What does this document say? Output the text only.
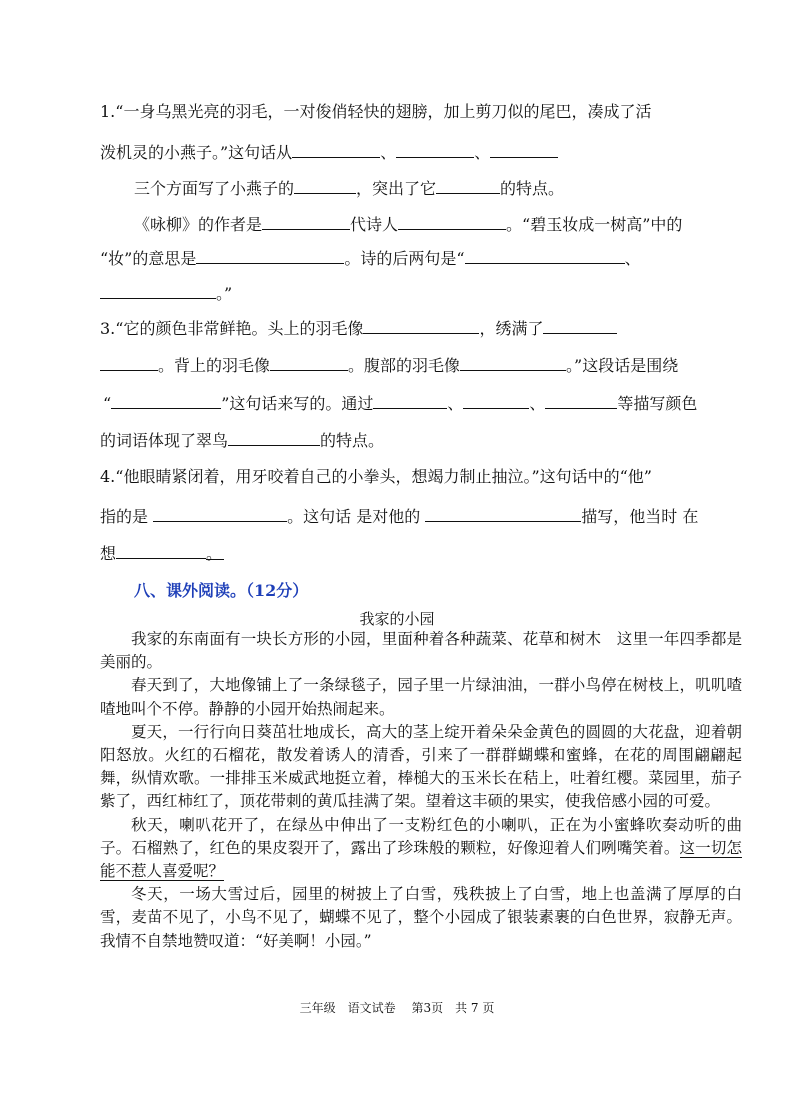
1.“一身乌黑光亮的羽毛，一对俊俏轻快的翅膀，加上剪刀似的尾巴，凑成了活
泼机灵的小燕子。”这句话从	、	、
三个方面写了小燕子的	，突出了它	的特点。
《咏柳》的作者是	代诗人	。“碧玉妆成一树高”中的
“妆”的意思是	。诗的后两句是“	、
。”
3.“它的颜色非常鲜艳。头上的羽毛像	，绣满了
。背上的羽毛像	。腹部的羽毛像	。”这段话是围绕
“	”这句话来写的。通过	、	、	等描写颜色
的词语体现了翠鸟	的特点。
4.“他眼睛紧闭着，用牙咬着自己的小拳头，想竭力制止抽泣。”这句话中的“他”
指的是	。这句话 是对他的	描写，他当时 在
想	。
八、课外阅读。（12分）
我家的小园

我家的东南面有一块长方形的小园，里面种着各种蔬菜、花草和树木　这里一年四季都是美丽的。

春天到了，大地像铺上了一条绿毯子，园子里一片绿油油，一群小鸟停在树枝上，叽叽喳喳地叫个不停。静静的小园开始热闹起来。

夏天，一行行向日葵茁壮地成长，高大的茎上绽开着朵朵金黄色的圆圆的大花盘，迎着朝阳怒放。火红的石榴花，散发着诱人的清香，引来了一群群蝴蝶和蜜蜂，在花的周围翩翩起舞，纵情欢歌。一排排玉米威武地挺立着，棒槌大的玉米长在秸上，吐着红樱。菜园里，茄子紫了，西红柿红了，顶花带刺的黄瓜挂满了架。望着这丰硕的果实，使我倍感小园的可爱。

秋天，喇叭花开了，在绿丛中伸出了一支粉红色的小喇叭，正在为小蜜蜂吹奏动听的曲子。石榴熟了，红色的果皮裂开了，露出了珍珠般的颗粒，好像迎着人们咧嘴笑着。这一切怎能不惹人喜爱呢？

冬天，一场大雪过后，园里的树披上了白雪，残秩披上了白雪，地上也盖满了厚厚的白雪，麦苗不见了，小鸟不见了，蝴蝶不见了，整个小园成了银装素裹的白色世界，寂静无声。我情不自禁地赞叹道：“好美啊！小园。”

三年级　语文试卷　 第3页　共 7 页
